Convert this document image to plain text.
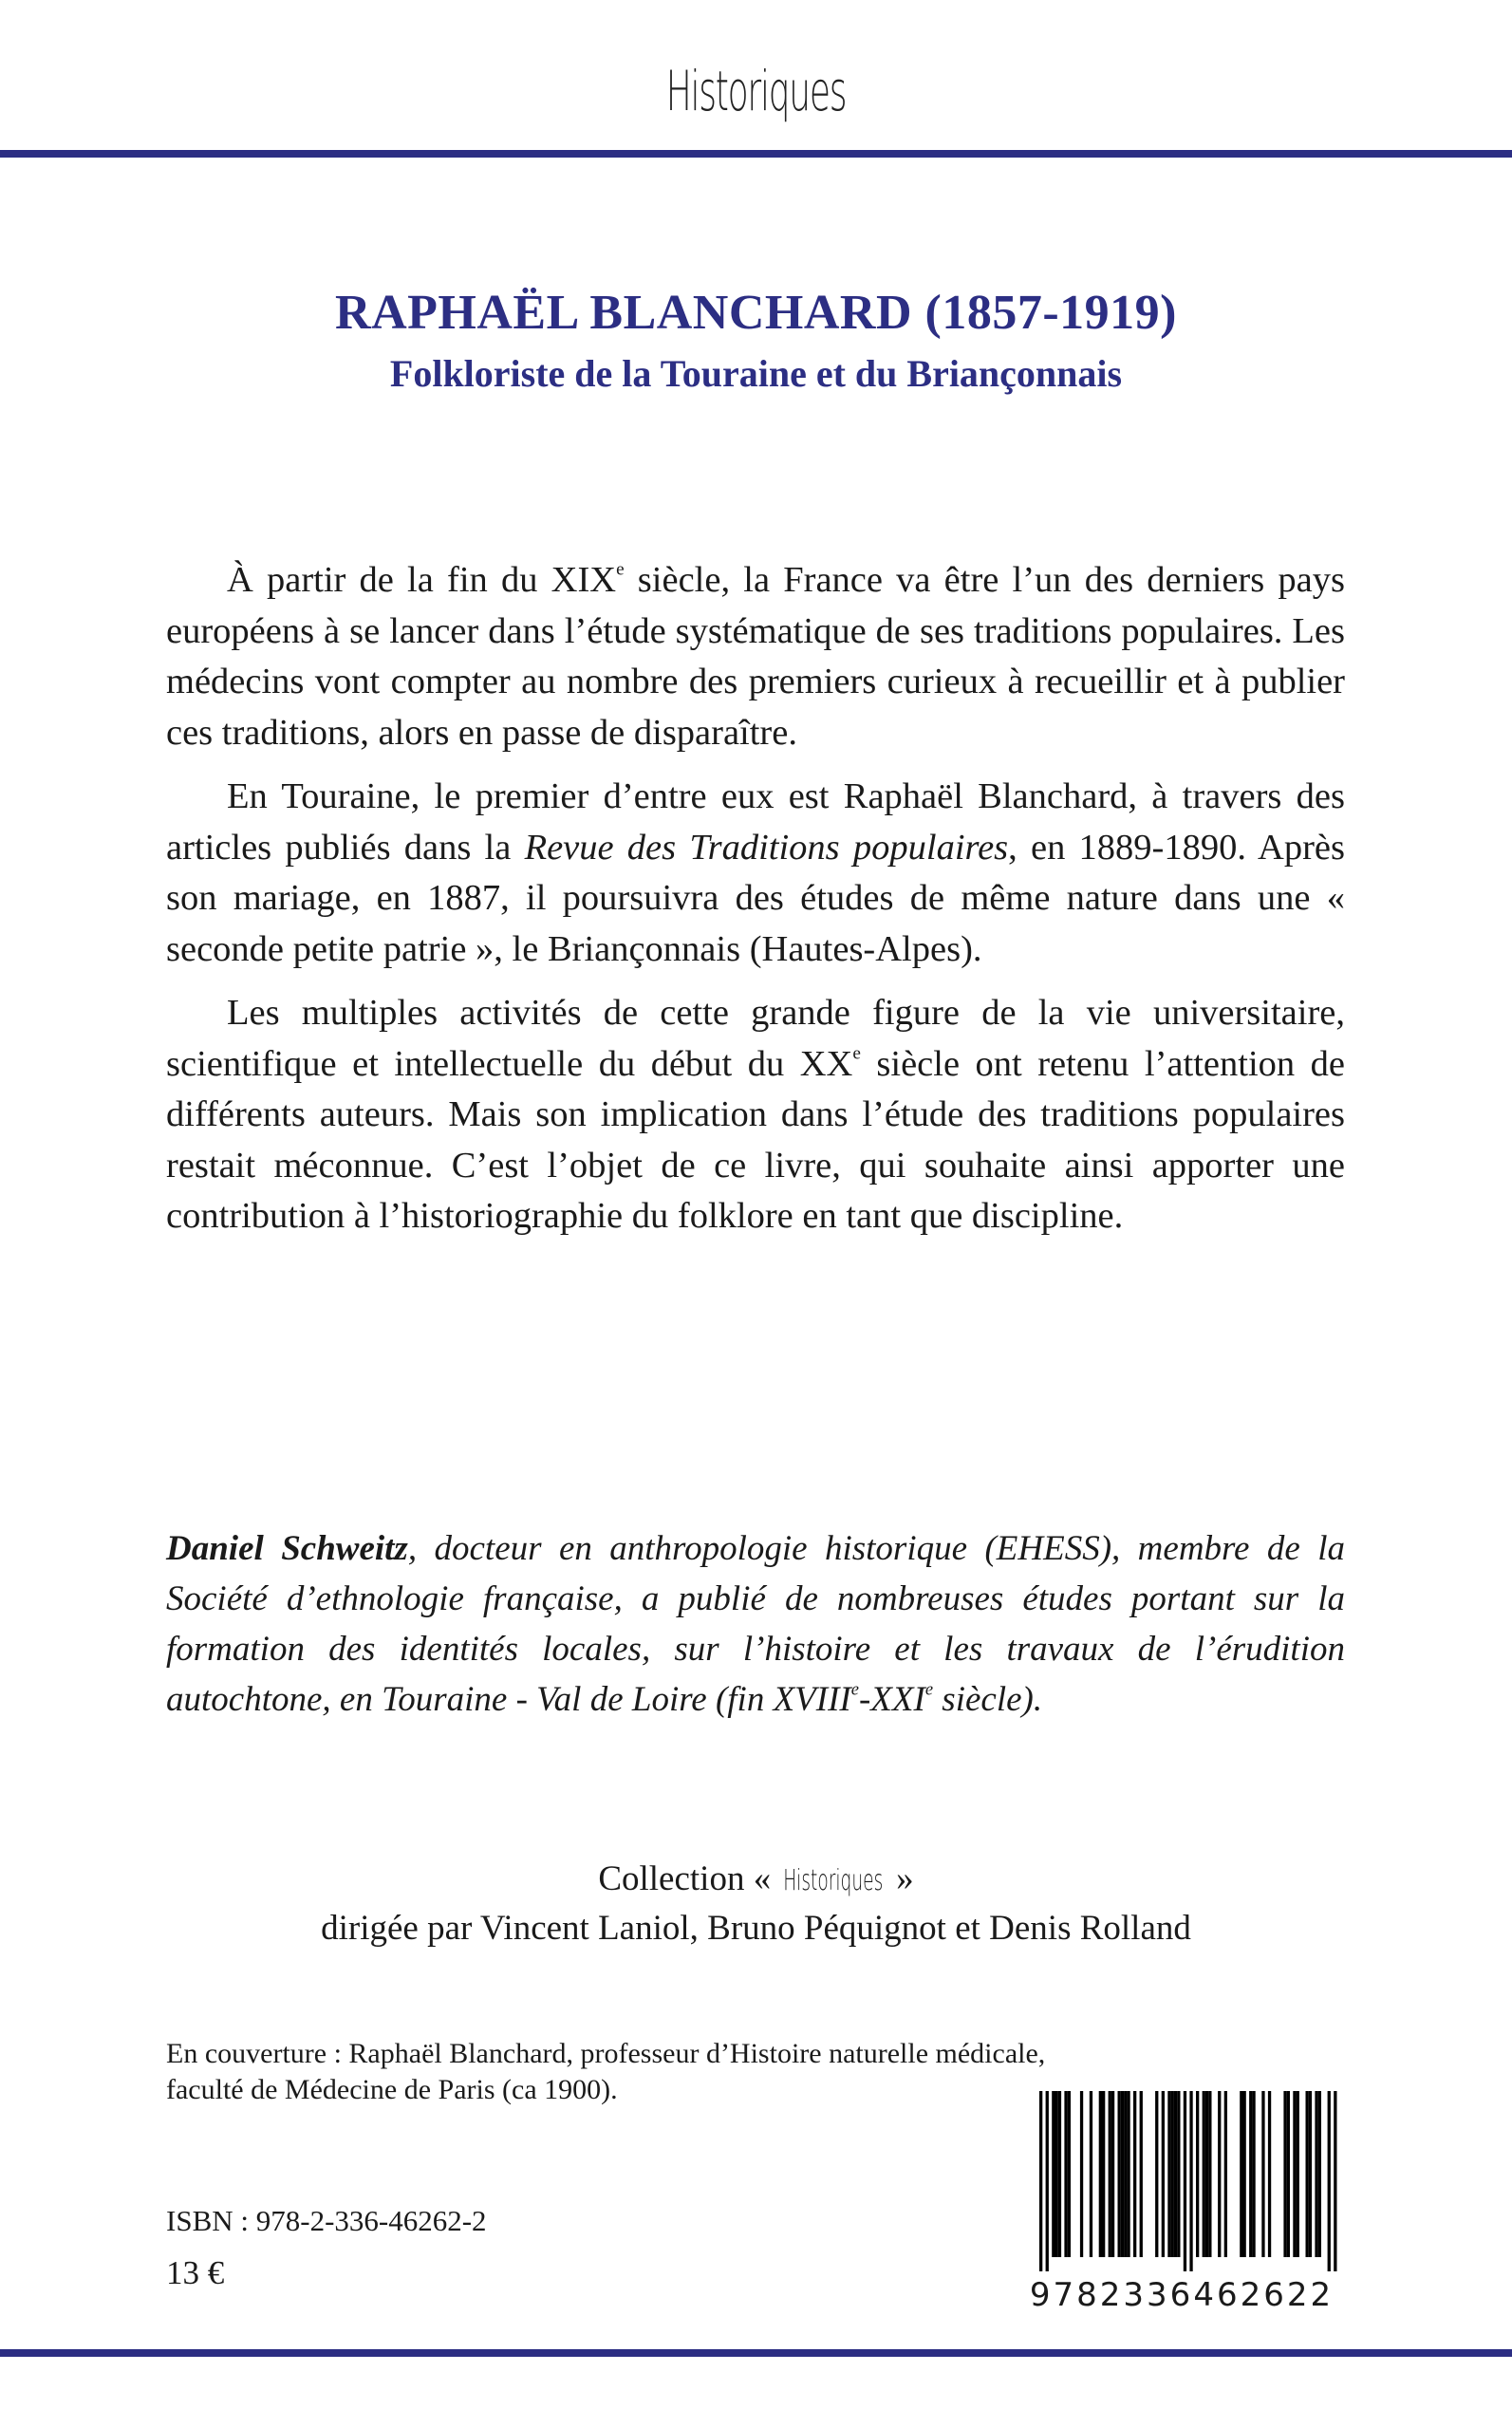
Historiques
RAPHAËL BLANCHARD (1857-1919)
Folkloriste de la Touraine et du Briançonnais

À partir de la fin du XIXe siècle, la France va être l’un des derniers pays européens à se lancer dans l’étude systématique de ses traditions populaires. Les médecins vont compter au nombre des premiers curieux à recueillir et à publier ces traditions, alors en passe de disparaître.

En Touraine, le premier d’entre eux est Raphaël Blanchard, à travers des articles publiés dans la Revue des Traditions populaires, en 1889-1890. Après son mariage, en 1887, il poursuivra des études de même nature dans une « seconde petite patrie », le Briançonnais (Hautes-Alpes).

Les multiples activités de cette grande figure de la vie universitaire, scientifique et intellectuelle du début du XXe siècle ont retenu l’attention de différents auteurs. Mais son implication dans l’étude des traditions populaires restait méconnue. C’est l’objet de ce livre, qui souhaite ainsi apporter une contribution à l’historiographie du folklore en tant que discipline.

Daniel Schweitz, docteur en anthropologie historique (EHESS), membre de la Société d’ethnologie française, a publié de nombreuses études portant sur la formation des identités locales, sur l’histoire et les travaux de l’érudition autochtone, en Touraine - Val de Loire (fin XVIIIe-XXIe siècle).
Collection « Historiques »
dirigée par Vincent Laniol, Bruno Péquignot et Denis Rolland
En couverture : Raphaël Blanchard, professeur d’Histoire naturelle médicale,
faculté de Médecine de Paris (ca 1900).
ISBN : 978-2-336-46262-2
13 €
9782336462622
